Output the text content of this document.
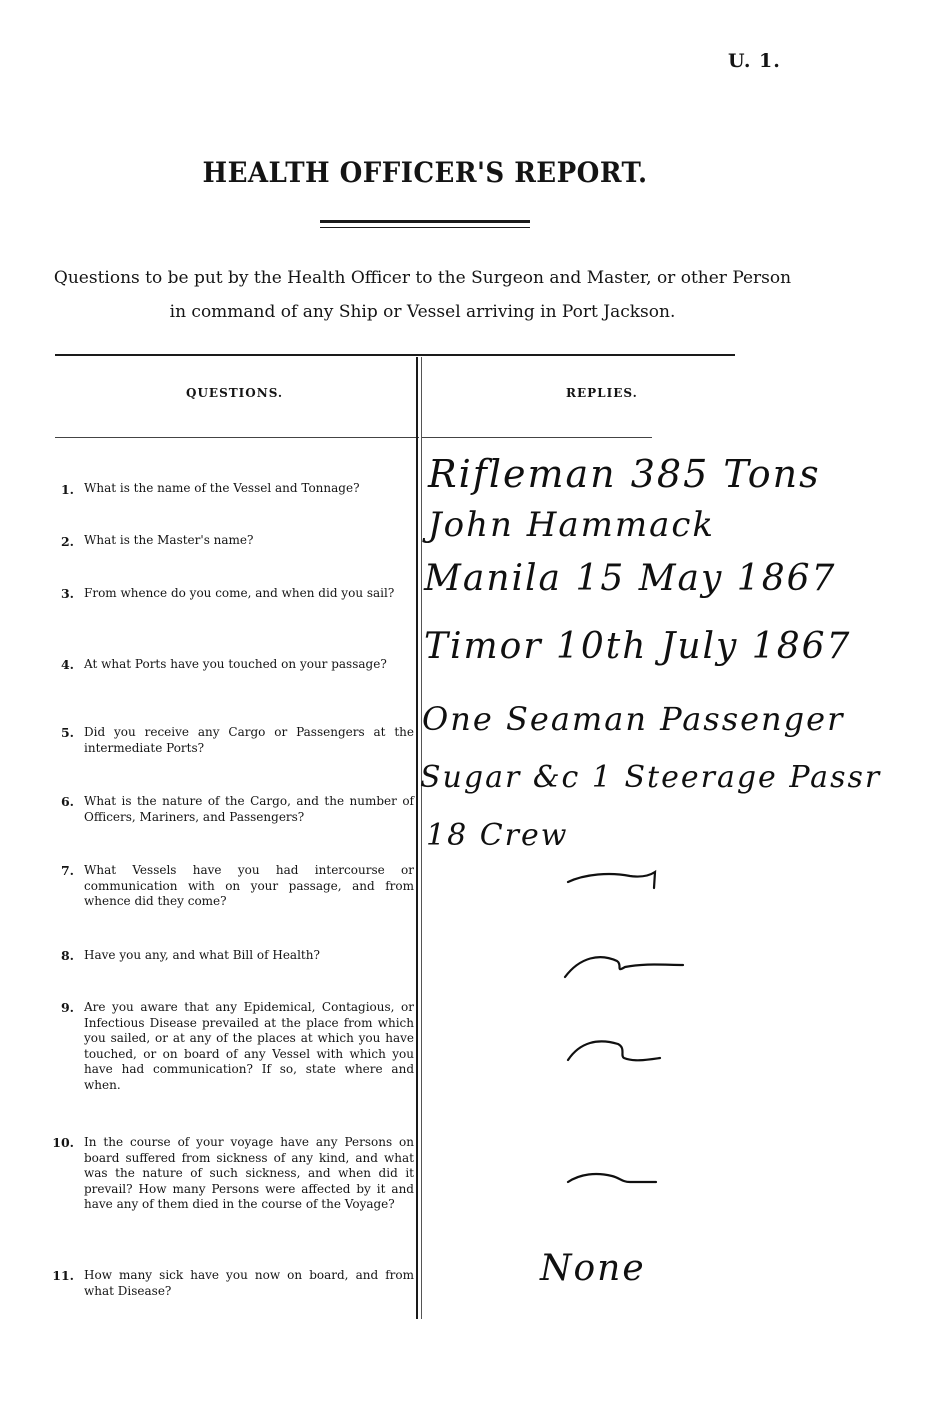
U. 1.
HEALTH OFFICER'S REPORT.
Questions to be put by the Health Officer to the Surgeon and Master, or other Person
in command of any Ship or Vessel arriving in Port Jackson.
QUESTIONS.	REPLIES.
1. What is the name of the Vessel and Tonnage?
2. What is the Master's name?
3. From whence do you come, and when did you sail?
4. At what Ports have you touched on your passage?
5. Did you receive any Cargo or Passengers at the intermediate Ports?
6. What is the nature of the Cargo, and the number of Officers, Mariners, and Passengers?
7. What Vessels have you had intercourse or communication with on your passage, and from whence did they come?
8. Have you any, and what Bill of Health?
9. Are you aware that any Epidemical, Contagious, or Infectious Disease prevailed at the place from which you sailed, or at any of the places at which you have touched, or on board of any Vessel with which you have had communication? If so, state where and when.
10. In the course of your voyage have any Persons on board suffered from sickness of any kind, and what was the nature of such sickness, and when did it prevail? How many Persons were affected by it and have any of them died in the course of the Voyage?
11. How many sick have you now on board, and from what Disease?
Rifleman 385 Tons
John Hammack
Manila 15 May 1867
Timor 10th July 1867
One Seaman Passenger
Sugar &c 1 Steerage Passr
18 Crew
None
